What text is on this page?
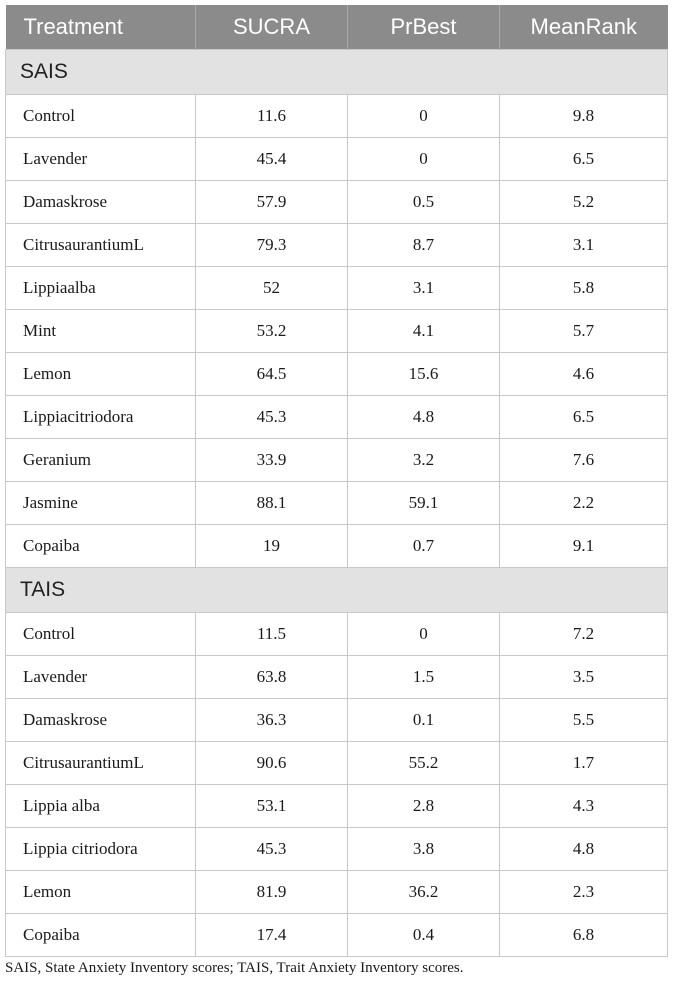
Treatment	SUCRA	PrBest	MeanRank
SAIS			
Control	11.6	0	9.8
Lavender	45.4	0	6.5
Damaskrose	57.9	0.5	5.2
CitrusaurantiumL	79.3	8.7	3.1
Lippiaalba	52	3.1	5.8
Mint	53.2	4.1	5.7
Lemon	64.5	15.6	4.6
Lippiacitriodora	45.3	4.8	6.5
Geranium	33.9	3.2	7.6
Jasmine	88.1	59.1	2.2
Copaiba	19	0.7	9.1
TAIS			
Control	11.5	0	7.2
Lavender	63.8	1.5	3.5
Damaskrose	36.3	0.1	5.5
CitrusaurantiumL	90.6	55.2	1.7
Lippia alba	53.1	2.8	4.3
Lippia citriodora	45.3	3.8	4.8
Lemon	81.9	36.2	2.3
Copaiba	17.4	0.4	6.8
SAIS, State Anxiety Inventory scores; TAIS, Trait Anxiety Inventory scores.
